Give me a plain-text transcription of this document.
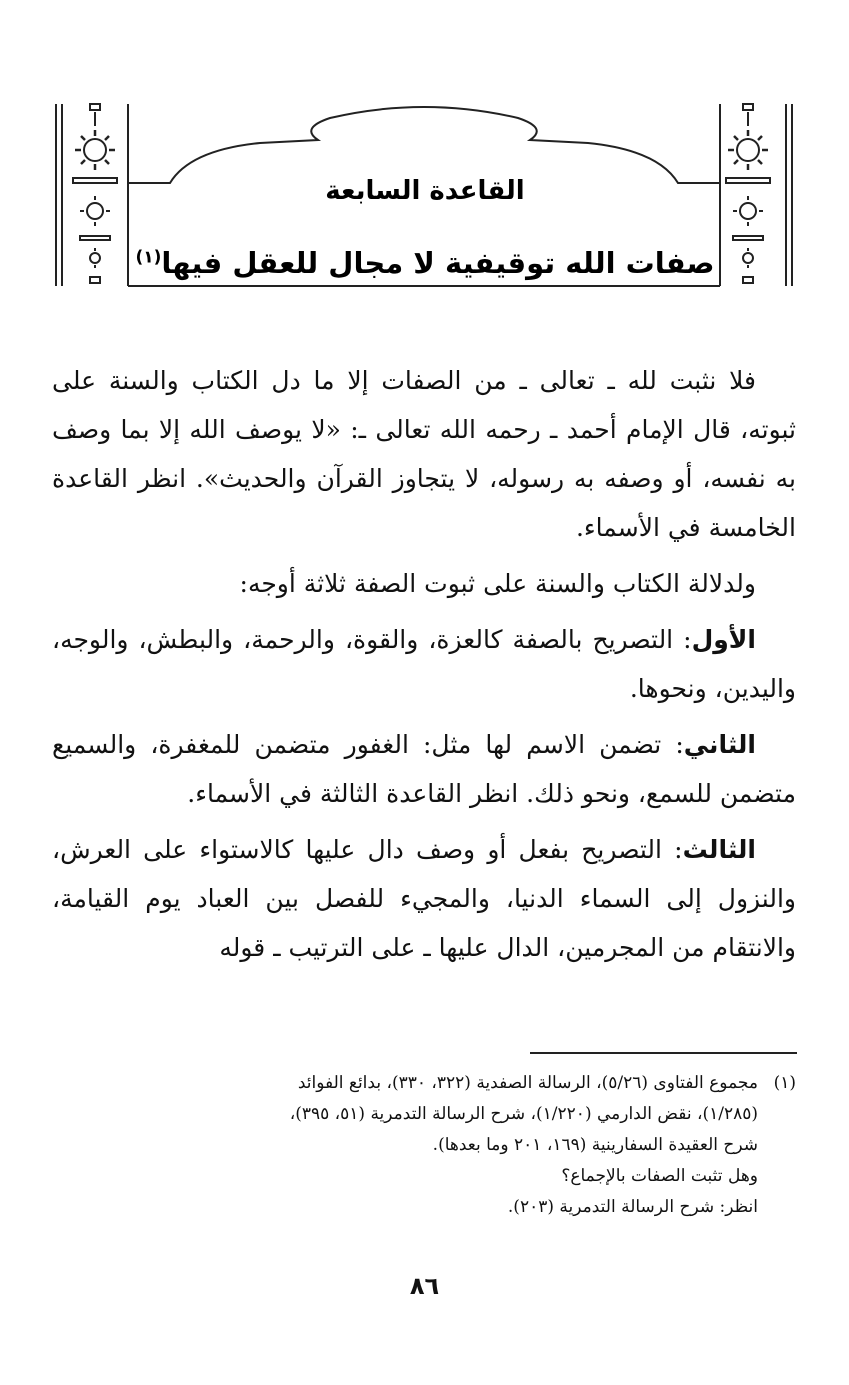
القاعدة السابعة
صفات الله توقيفية لا مجال للعقل فيها$^{(١)}$

فلا نثبت لله ـ تعالى ـ من الصفات إلا ما دل الكتاب والسنة على ثبوته، قال الإمام أحمد ـ رحمه الله تعالى ـ: «لا يوصف الله إلا بما وصف به نفسه، أو وصفه به رسوله، لا يتجاوز القرآن والحديث». انظر القاعدة الخامسة في الأسماء.

ولدلالة الكتاب والسنة على ثبوت الصفة ثلاثة أوجه:

الأول: التصريح بالصفة كالعزة، والقوة، والرحمة، والبطش، والوجه، واليدين، ونحوها.

الثاني: تضمن الاسم لها مثل: الغفور متضمن للمغفرة، والسميع متضمن للسمع، ونحو ذلك. انظر القاعدة الثالثة في الأسماء.

الثالث: التصريح بفعل أو وصف دال عليها كالاستواء على العرش، والنزول إلى السماء الدنيا، والمجيء للفصل بين العباد يوم القيامة، والانتقام من المجرمين، الدال عليها ـ على الترتيب ـ قوله

(١)مجموع الفتاوى (٥/٢٦)، الرسالة الصفدية (٣٢٢، ٣٣٠)، بدائع الفوائد
(١/٢٨٥)، نقض الدارمي (١/٢٢٠)، شرح الرسالة التدمرية (٥١، ٣٩٥)،
شرح العقيدة السفارينية (١٦٩، ٢٠١ وما بعدها).
وهل تثبت الصفات بالإجماع؟
انظر: شرح الرسالة التدمرية (٢٠٣).
٨٦
